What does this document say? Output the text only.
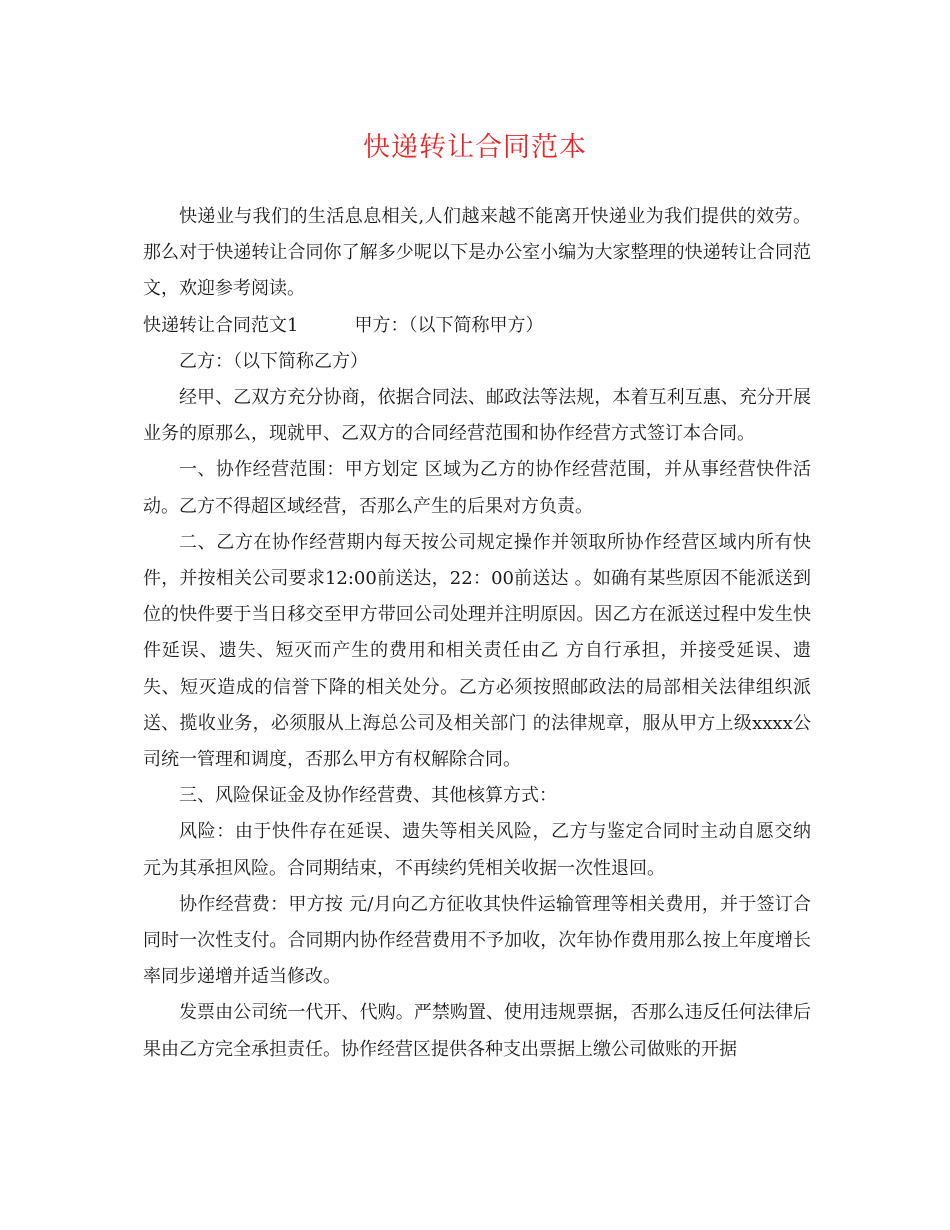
快递转让合同范本

快递业与我们的生活息息相关,人们越来越不能离开快递业为我们提供的效劳。那么对于快递转让合同你了解多少呢以下是办公室小编为大家整理的快递转让合同范文，欢迎参考阅读。

快递转让合同范文1	甲方：（以下简称甲方）

乙方：（以下简称乙方）

经甲、乙双方充分协商，依据合同法、邮政法等法规，本着互利互惠、充分开展业务的原那么，现就甲、乙双方的合同经营范围和协作经营方式签订本合同。

一、协作经营范围：甲方划定 区域为乙方的协作经营范围，并从事经营快件活动。乙方不得超区域经营，否那么产生的后果对方负责。

二、乙方在协作经营期内每天按公司规定操作并领取所协作经营区域内所有快件，并按相关公司要求12:00前送达，22：00前送达 。如确有某些原因不能派送到位的快件要于当日移交至甲方带回公司处理并注明原因。因乙方在派送过程中发生快件延误、遗失、短灭而产生的费用和相关责任由乙 方自行承担，并接受延误、遗失、短灭造成的信誉下降的相关处分。乙方必须按照邮政法的局部相关法律组织派送、揽收业务，必须服从上海总公司及相关部门 的法律规章，服从甲方上级xxxx公司统一管理和调度，否那么甲方有权解除合同。

三、风险保证金及协作经营费、其他核算方式：

风险：由于快件存在延误、遗失等相关风险，乙方与鉴定合同时主动自愿交纳 元为其承担风险。合同期结束，不再续约凭相关收据一次性退回。

协作经营费：甲方按 元/月向乙方征收其快件运输管理等相关费用，并于签订合同时一次性支付。合同期内协作经营费用不予加收，次年协作费用那么按上年度增长率同步递增并适当修改。

发票由公司统一代开、代购。严禁购置、使用违规票据，否那么违反任何法律后果由乙方完全承担责任。协作经营区提供各种支出票据上缴公司做账的开据
